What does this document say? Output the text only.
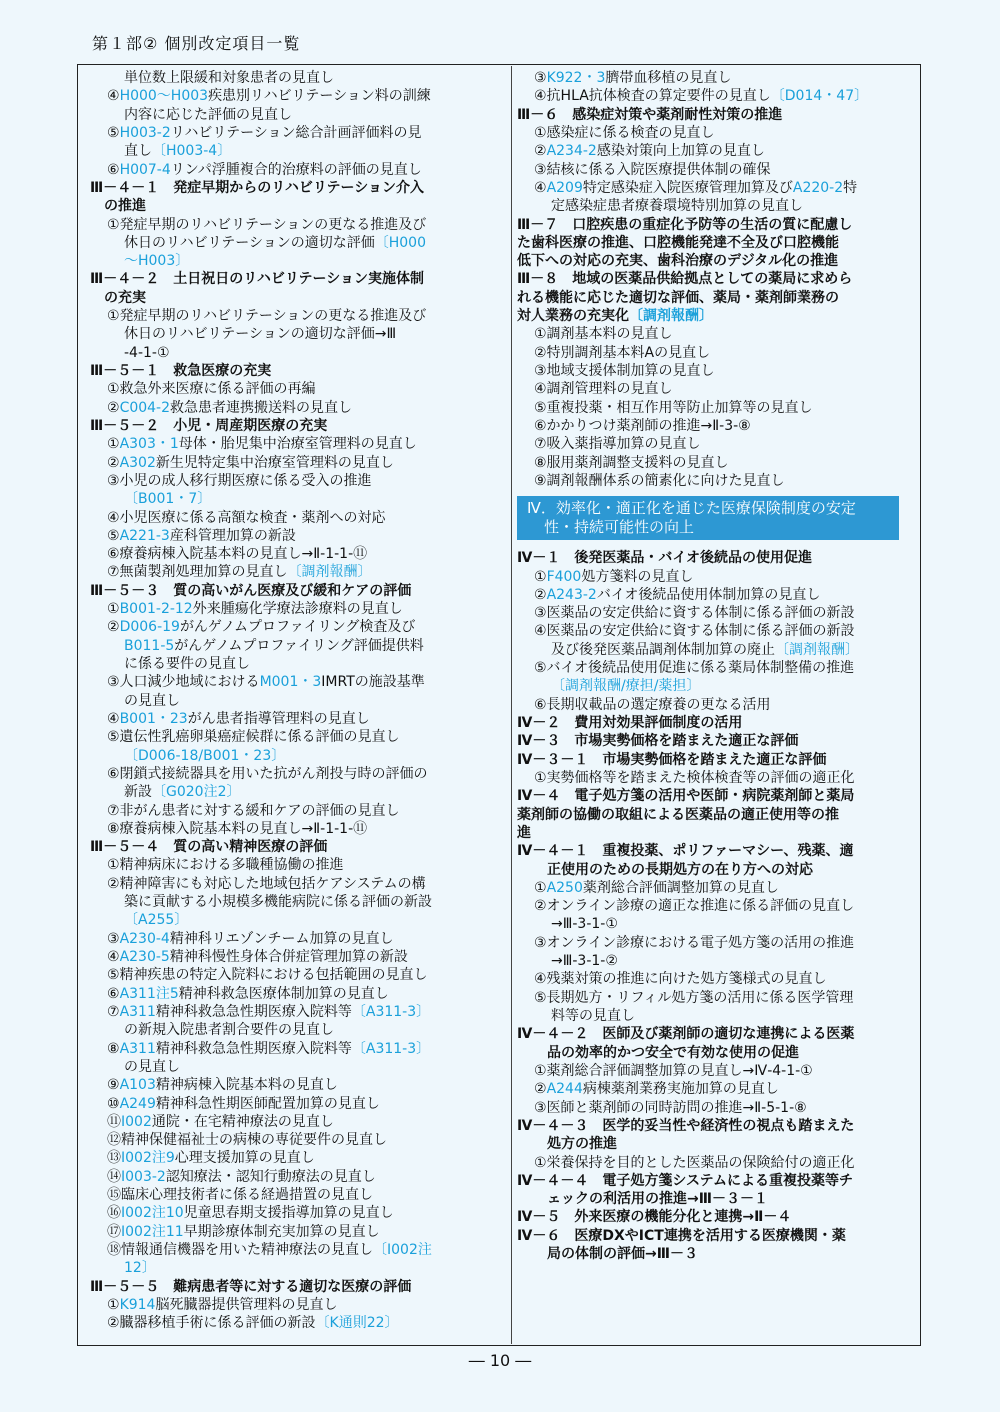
第１部② 個別改定項目一覧
単位数上限緩和対象患者の見直し
④H000～H003疾患別リハビリテーション料の訓練
内容に応じた評価の見直し
⑤H003-2リハビリテーション総合計画評価料の見
直し〔H003-4〕
⑥H007-4リンパ浮腫複合的治療料の評価の見直し
Ⅲ－４－１　発症早期からのリハビリテーション介入
の推進
①発症早期のリハビリテーションの更なる推進及び
休日のリハビリテーションの適切な評価〔H000
～H003〕
Ⅲ－４－２　土日祝日のリハビリテーション実施体制
の充実
①発症早期のリハビリテーションの更なる推進及び
休日のリハビリテーションの適切な評価→Ⅲ
-4-1-①
Ⅲ－５－１　救急医療の充実
①救急外来医療に係る評価の再編
②C004-2救急患者連携搬送料の見直し
Ⅲ－５－２　小児・周産期医療の充実
①A303・1母体・胎児集中治療室管理料の見直し
②A302新生児特定集中治療室管理料の見直し
③小児の成人移行期医療に係る受入の推進
〔B001・7〕
④小児医療に係る高額な検査・薬剤への対応
⑤A221-3産科管理加算の新設
⑥療養病棟入院基本料の見直し→Ⅱ-1-1-⑪
⑦無菌製剤処理加算の見直し〔調剤報酬〕
Ⅲ－５－３　質の高いがん医療及び緩和ケアの評価
①B001-2-12外来腫瘍化学療法診療料の見直し
②D006-19がんゲノムプロファイリング検査及び
B011-5がんゲノムプロファイリング評価提供料
に係る要件の見直し
③人口減少地域におけるM001・3IMRTの施設基準
の見直し
④B001・23がん患者指導管理料の見直し
⑤遺伝性乳癌卵巣癌症候群に係る評価の見直し
〔D006-18/B001・23〕
⑥閉鎖式接続器具を用いた抗がん剤投与時の評価の
新設〔G020注2〕
⑦非がん患者に対する緩和ケアの評価の見直し
⑧療養病棟入院基本料の見直し→Ⅱ-1-1-⑪
Ⅲ－５－４　質の高い精神医療の評価
①精神病床における多職種協働の推進
②精神障害にも対応した地域包括ケアシステムの構
築に貢献する小規模多機能病院に係る評価の新設
〔A255〕
③A230-4精神科リエゾンチーム加算の見直し
④A230-5精神科慢性身体合併症管理加算の新設
⑤精神疾患の特定入院料における包括範囲の見直し
⑥A311注5精神科救急医療体制加算の見直し
⑦A311精神科救急急性期医療入院料等〔A311-3〕
の新規入院患者割合要件の見直し
⑧A311精神科救急急性期医療入院料等〔A311-3〕
の見直し
⑨A103精神病棟入院基本料の見直し
⑩A249精神科急性期医師配置加算の見直し
⑪I002通院・在宅精神療法の見直し
⑫精神保健福祉士の病棟の専従要件の見直し
⑬I002注9心理支援加算の見直し
⑭I003-2認知療法・認知行動療法の見直し
⑮臨床心理技術者に係る経過措置の見直し
⑯I002注10児童思春期支援指導加算の見直し
⑰I002注11早期診療体制充実加算の見直し
⑱情報通信機器を用いた精神療法の見直し〔I002注
12〕
Ⅲ－５－５　難病患者等に対する適切な医療の評価
①K914脳死臓器提供管理料の見直し
②臓器移植手術に係る評価の新設〔K通則22〕
③K922・3臍帯血移植の見直し
④抗HLA抗体検査の算定要件の見直し〔D014・47〕
Ⅲ－６　感染症対策や薬剤耐性対策の推進
①感染症に係る検査の見直し
②A234-2感染対策向上加算の見直し
③結核に係る入院医療提供体制の確保
④A209特定感染症入院医療管理加算及びA220-2特
定感染症患者療養環境特別加算の見直し
Ⅲ－７　口腔疾患の重症化予防等の生活の質に配慮し
た歯科医療の推進、口腔機能発達不全及び口腔機能
低下への対応の充実、歯科治療のデジタル化の推進
Ⅲ－８　地域の医薬品供給拠点としての薬局に求めら
れる機能に応じた適切な評価、薬局・薬剤師業務の
対人業務の充実化〔調剤報酬〕
①調剤基本料の見直し
②特別調剤基本料Aの見直し
③地域支援体制加算の見直し
④調剤管理料の見直し
⑤重複投薬・相互作用等防止加算等の見直し
⑥かかりつけ薬剤師の推進→Ⅱ-3-⑧
⑦吸入薬指導加算の見直し
⑧服用薬剤調整支援料の見直し
⑨調剤報酬体系の簡素化に向けた見直し
Ⅳ．効率化・適正化を通じた医療保険制度の安定
性・持続可能性の向上
Ⅳ－１　後発医薬品・バイオ後続品の使用促進
①F400処方箋料の見直し
②A243-2バイオ後続品使用体制加算の見直し
③医薬品の安定供給に資する体制に係る評価の新設
④医薬品の安定供給に資する体制に係る評価の新設
及び後発医薬品調剤体制加算の廃止〔調剤報酬〕
⑤バイオ後続品使用促進に係る薬局体制整備の推進
〔調剤報酬/療担/薬担〕
⑥長期収載品の選定療養の更なる活用
Ⅳ－２　費用対効果評価制度の活用
Ⅳ－３　市場実勢価格を踏まえた適正な評価
Ⅳ－３－１　市場実勢価格を踏まえた適正な評価
①実勢価格等を踏まえた検体検査等の評価の適正化
Ⅳ－４　電子処方箋の活用や医師・病院薬剤師と薬局
薬剤師の協働の取組による医薬品の適正使用等の推
進
Ⅳ－４－１　重複投薬、ポリファーマシー、残薬、適
正使用のための長期処方の在り方への対応
①A250薬剤総合評価調整加算の見直し
②オンライン診療の適正な推進に係る評価の見直し
→Ⅲ-3-1-①
③オンライン診療における電子処方箋の活用の推進
→Ⅲ-3-1-②
④残薬対策の推進に向けた処方箋様式の見直し
⑤長期処方・リフィル処方箋の活用に係る医学管理
料等の見直し
Ⅳ－４－２　医師及び薬剤師の適切な連携による医薬
品の効率的かつ安全で有効な使用の促進
①薬剤総合評価調整加算の見直し→Ⅳ-4-1-①
②A244病棟薬剤業務実施加算の見直し
③医師と薬剤師の同時訪問の推進→Ⅱ-5-1-⑧
Ⅳ－４－３　医学的妥当性や経済性の視点も踏まえた
処方の推進
①栄養保持を目的とした医薬品の保険給付の適正化
Ⅳ－４－４　電子処方箋システムによる重複投薬等チ
ェックの利活用の推進→Ⅲ－３－１
Ⅳ－５　外来医療の機能分化と連携→Ⅱ－４
Ⅳ－６　医療DXやICT連携を活用する医療機関・薬
局の体制の評価→Ⅲ－３
― 10 ―
